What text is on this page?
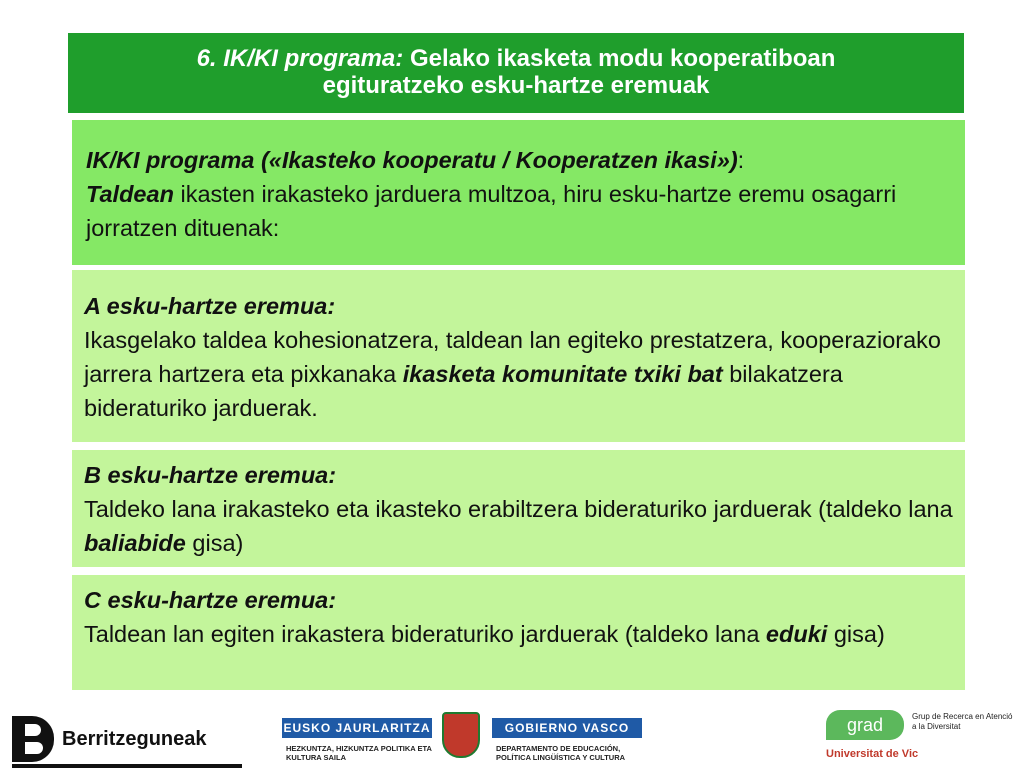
6. IK/KI programa: Gelako ikasketa modu kooperatiboan
egituratzeko esku-hartze eremuak
IK/KI programa («Ikasteko kooperatu / Kooperatzen ikasi»):
Taldean ikasten irakasteko jarduera multzoa, hiru esku-hartze eremu osagarri jorratzen dituenak:
A esku-hartze eremua:
Ikasgelako taldea kohesionatzera, taldean lan egiteko prestatzera, kooperaziorako jarrera hartzera eta pixkanaka ikasketa komunitate txiki bat bilakatzera bideraturiko jarduerak.
B esku-hartze eremua:
Taldeko lana irakasteko eta ikasteko erabiltzera bideraturiko jarduerak (taldeko lana baliabide gisa)
C esku-hartze eremua:
Taldean lan egiten irakastera bideraturiko jarduerak (taldeko lana eduki gisa)
Berritzeguneak	EUSKO JAURLARITZA	GOBIERNO VASCO
HEZKUNTZA, HIZKUNTZA POLITIKA ETA KULTURA SAILA
DEPARTAMENTO DE EDUCACIÓN, POLÍTICA LINGÜÍSTICA Y CULTURA
grad	Grup de Recerca en Atenció a la Diversitat
Universitat de Vic
